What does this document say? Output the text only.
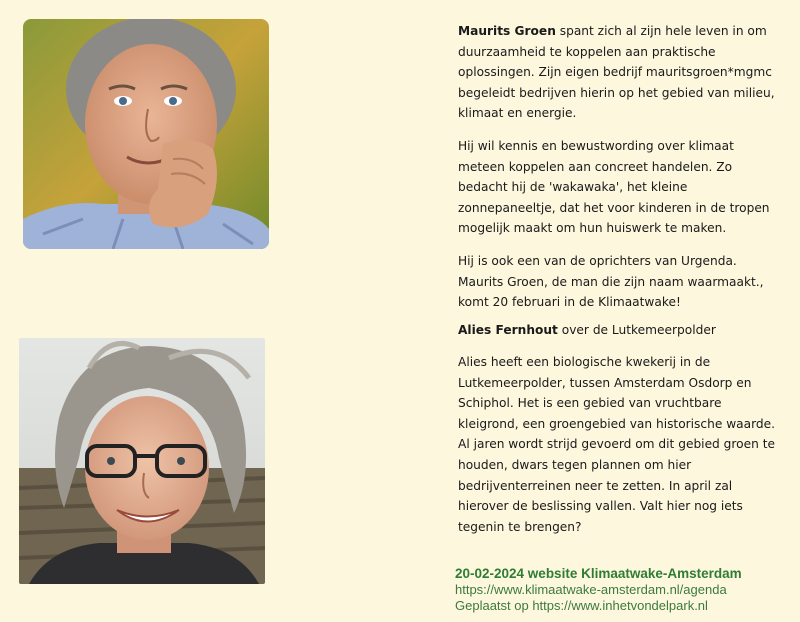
Maurits Groen spant zich al zijn hele leven in om duurzaamheid te koppelen aan praktische oplossingen. Zijn eigen bedrijf mauritsgroen*mgmc begeleidt bedrijven hierin op het gebied van milieu, klimaat en energie.

Hij wil kennis en bewustwording over klimaat meteen koppelen aan concreet handelen. Zo bedacht hij de 'wakawaka', het kleine zonnepaneeltje, dat het voor kinderen in de tropen mogelijk maakt om hun huiswerk te maken.

Hij is ook een van de oprichters van Urgenda. Maurits Groen, de man die zijn naam waarmaakt., komt 20 februari in de Klimaatwake!

Alies Fernhout over de Lutkemeerpolder

Alies heeft een biologische kwekerij in de Lutkemeerpolder, tussen Amsterdam Osdorp en Schiphol. Het is een gebied van vruchtbare kleigrond, een groengebied van historische waarde. Al jaren wordt strijd gevoerd om dit gebied groen te houden, dwars tegen plannen om hier bedrijventerreinen neer te zetten. In april zal hierover de beslissing vallen. Valt hier nog iets tegenin te brengen?

20-02-2024 website Klimaatwake-Amsterdam
https://www.klimaatwake-amsterdam.nl/agenda
Geplaatst op https://www.inhetvondelpark.nl
